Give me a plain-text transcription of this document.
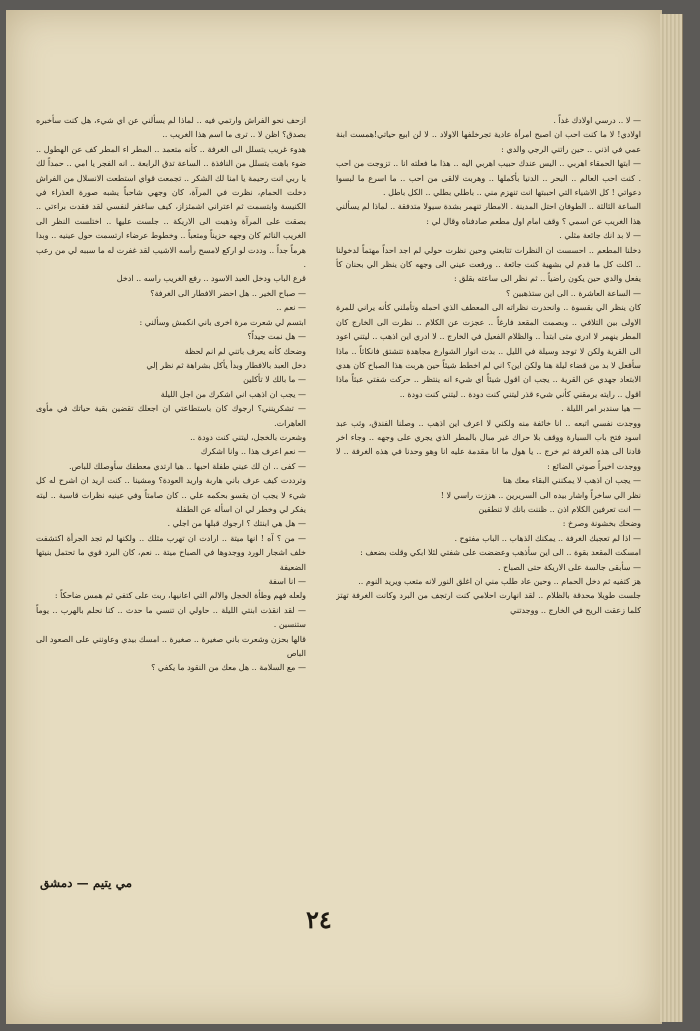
— لا .. درسي اولادك غداً .

اولادي! لا ما كنت احب ان اصبح امرأة عادية تجرخلفها الاولاد .. لا لن ابيع حياتي!همست ابنة عمي في اذني .. حين راتني الرجي والدي :

— ابتها الحمقاء اهربي .. اليس عندك حبيب اهربي اليه .. هذا ما فعلته انا .. تزوجت من احب . كنت احب العالم .. البحر .. الدنيا بأكملها .. وهربت لالقى من احب .. ما اسرع ما لبسوا دعواتي ! كل الاشياء التي احببتها انت تنهزم مني .. باطلي بطلي .. الكل باطل .

الساعة الثالثة .. الطوفان احتل المدينة . الامطار تنهمر بشدة سيولا متدفقة .. لماذا لم يسألني هذا الغريب عن اسمي ؟ وقف امام اول مطعم صادفناه وقال لي :

— لا بد انك جائعة مثلي .

دخلنا المطعم .. احسست ان النظرات تتابعني وحين نظرت حولي لم اجد احداً مهتماً لدخولنا .. اكلت كل ما قدم لي بشهية كنت جائعة .. ورفعت عيني الى وجهه كان ينظر الي بحنان كأ يفعل والدي حين يكون راضياً .. ثم نظر الى ساعته بقلق :

— الساعة العاشرة .. الى اين ستذهبين ؟

كان ينظر الي بقسوة .. وانحدرت نظراته الى المعطف الذي احمله وتأملني كأنه يراني للمرة الاولى بين التلافي .. وبصمت المقعد فارغاً .. عجزت عن الكلام .. نظرت الى الخارج كان المطر ينهمر لا ادري متى ابتدأ .. والظلام الفعيل في الخارج .. لا ادري اين اذهب .. ليتني اعود الى القرية ولكن لا توجد وسيلة في الليل .. بدت انوار الشوارع مجاهدة تتشتق فانكاثاً .. ماذا سأفعل لا بد من قضاء ليلة هنا ولكن اين؟ اني لم اخطط شيئاً حين هربت هذا الصباح كان هدي الابتعاد جهدي عن القرية .. يجب ان اقول شيئاً اي شيء انه ينتظر .. حركت شفتي عبثاً ماذا اقول .. رايته يرمقني كأني شيء قذر ليتني كنت دودة .. ليتني كنت دودة ..

— هيا سندبر امر الليلة .

ووجدت نفسي اتبعه .. انا خائفة منه ولكني لا اعرف اين اذهب .. وصلنا الفندق، وثب عبد اسود فتح باب السيارة ووقف بلا حراك غير مبال بالمطر الذي يجري على وجهه .. وجاء اخر قادنا الى هذه الغرفة ثم خرج .. يا هول ما انا مقدمة عليه انا وهو وحدنا في هذه الغرفة .. لا ووجدت اخيراً صوتي الضائع :

— يجب ان اذهب لا يمكنني البقاء معك هنا

نظر الي ساخراً واشار بيده الى السريرين .. هززت راسي لا !

— انت تعرفين الكلام اذن .. ظننت بانك لا تنطقين

وضحك بخشونة وصرخ :

— اذا لم تعجبك الغرفة .. يمكنك الذهاب .. الباب مفتوح .

امسكت المقعد بقوة .. الى اين سأذهب وعضضت على شفتي لئلا ابكي وقلت بضعف :

— سأبقى جالسة على الاريكة حتى الصباح .

هز كتفيه ثم دخل الحمام .. وحين عاد طلب مني ان اغلق النور لانه متعب ويريد النوم ..

جلست طويلا محدقة بالظلام .. لقد انهارت احلامي كنت ارتجف من البرد وكانت الغرفة تهتز كلما زعقت الريح في الخارج .. ووجدتني

ازحف نحو الفراش وارتمي فيه .. لماذا لم يسألني عن اي شيء، هل كنت سأخبره بصدق؟ اظن لا .. ترى ما اسم هذا الغريب ..

هدوء غريب يتسلل الى الغرفة .. كأنه متعمد .. المطر اء المطر كف عن الهطول .. ضوء باهت يتسلل من النافذة .. الساعة تدق الرابعة .. انه الفجر يا امي .. حمداً لك يا ربي انت رحيمة يا امنا لك الشكر .. تجمعت قواي استطعت الانسلال من الفراش دخلت الحمام، نظرت في المرآة، كان وجهي شاحباً يشبه صورة العذراء في الكنيسة وابتسمت ثم اعتراني اشمئزاز، كيف ساغفر لنفسي لقد فقدت براءتي .. بصقت على المرآة وذهبت الى الاريكة .. جلست عليها .. اختلست النظر الى الغريب النائم كان وجهه حزيناً ومتعباً .. وخطوط عرضاء ارتسمت حول عينيه .. وبدا هرماً جداً .. وددت لو اركع لامسح رأسه الاشيب لقد غفرت له ما سببه لي من رعب .

قرع الباب ودخل العبد الاسود .. رفع الغريب راسه .. ادخل

— صباح الخير .. هل احضر الافطار الى الغرفة؟

— نعم ..

ابتسم لي شعرت مرة اخرى باني انكمش وسألني :

— هل نمت جيداً؟

وضحك كأنه يعرف باتني لم انم لحظة

دخل العبد بالافطار وبدأ يأكل بشراهة ثم نظر إلي

— ما بالك لا تأكلين

— يجب ان اذهب اني اشكرك من اجل الليلة

— تشكرينني؟ ارجوك كان باستطاعتي ان اجعلك تقضين بقية حياتك في مأوى العاهرات.

وشعرت بالخجل، ليتني كنت دودة ..

— نعم اعرف هذا .. وانا اشكرك

— كفى .. ان لك عيني طفلة احبها .. هيا ارتدي معطفك سأوصلك للباص.

وترددت كيف عرف باني هاربة واريد العودة؟ ومشينا .. كنت اريد ان اشرح له كل شيء لا يجب ان يقسو بحكمه علي .. كان صامتاً وفي عينيه نظرات قاسية .. ليته يفكر لي وخطر لي ان اسأله عن الطفلة

— هل هي ابنتك ؟ ارجوك قبلها من اجلي .

— من ؟ آه ! انها ميتة .. ارادت ان تهرب مثلك .. ولكنها لم تجد الجرأة اكتشفت خلف اشجار الورد ووجدوها في الصباح ميتة .. نعم، كان البرد قوي ما تحتمل بنيتها الضعيفة

— انا اسفة

ولعله فهم وطأة الخجل والالم التي اعانيها، ربت على كتفي ثم همس ضاحكاً :

— لقد انقذت ابنتي الليلة .. حاولي ان تنسي ما حدث .. كنا نحلم بالهرب .. يوماً ستنسين .

قالها بحزن وشعرت باني صغيرة .. صغيرة .. امسك بيدي وعاونني على الصعود الى الباص

— مع السلامة .. هل معك من النقود ما يكفي ؟

مي يتيم — دمشق
٢٤
